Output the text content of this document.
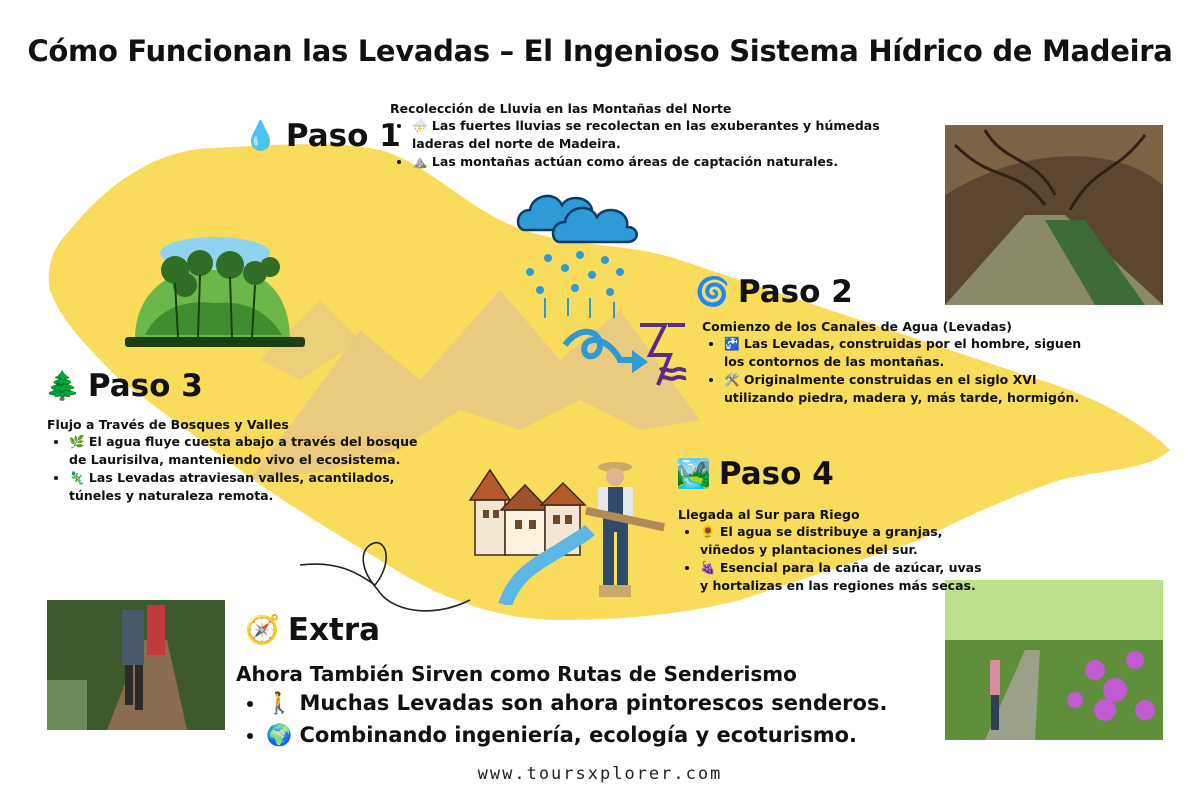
Cómo Funcionan las Levadas – El Ingenioso Sistema Hídrico de Madeira
💧 Paso 1
Recolección de Lluvia en las Montañas del Norte
• ⛈️ Las fuertes lluvias se recolectan en las exuberantes y húmedas laderas del norte de Madeira.
• ⛰️ Las montañas actúan como áreas de captación naturales.
🌀 Paso 2
Comienzo de los Canales de Agua (Levadas)
• 🚰 Las Levadas, construidas por el hombre, siguen los contornos de las montañas.
• 🛠️ Originalmente construidas en el siglo XVI utilizando piedra, madera y, más tarde, hormigón.
🌲 Paso 3
Flujo a Través de Bosques y Valles
• 🌿 El agua fluye cuesta abajo a través del bosque de Laurisilva, manteniendo vivo el ecosistema.
• 🦎 Las Levadas atraviesan valles, acantilados, túneles y naturaleza remota.
🏞️ Paso 4
Llegada al Sur para Riego
• 🌻 El agua se distribuye a granjas, viñedos y plantaciones del sur.
• 🍇 Esencial para la caña de azúcar, uvas y hortalizas en las regiones más secas.
🧭 Extra
Ahora También Sirven como Rutas de Senderismo
• 🚶 Muchas Levadas son ahora pintorescos senderos.
• 🌍 Combinando ingeniería, ecología y ecoturismo.
www.toursxplorer.com
